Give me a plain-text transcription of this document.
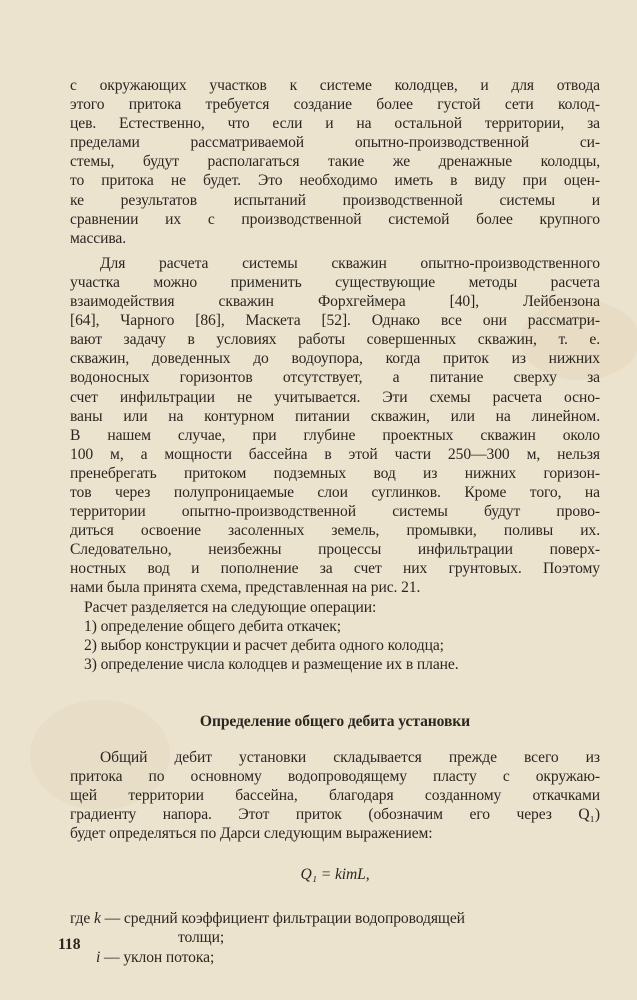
с окружающих участков к системе колодцев, и для отвода
этого притока требуется создание более густой сети колод-
цев. Естественно, что если и на остальной территории, за
пределами рассматриваемой опытно-производственной си-
стемы, будут располагаться такие же дренажные колодцы,
то притока не будет. Это необходимо иметь в виду при оцен-
ке результатов испытаний производственной системы и
сравнении их с производственной системой более крупного
массива.
Для расчета системы скважин опытно-производственного
участка можно применить существующие методы расчета
взаимодействия скважин Форхгеймера [40], Лейбензона
[64], Чарного [86], Маскета [52]. Однако все они рассматри-
вают задачу в условиях работы совершенных скважин, т. е.
скважин, доведенных до водоупора, когда приток из нижних
водоносных горизонтов отсутствует, а питание сверху за
счет инфильтрации не учитывается. Эти схемы расчета осно-
ваны или на контурном питании скважин, или на линейном.
В нашем случае, при глубине проектных скважин около
100 м, а мощности бассейна в этой части 250—300 м, нельзя
пренебрегать притоком подземных вод из нижних горизон-
тов через полупроницаемые слои суглинков. Кроме того, на
территории опытно-производственной системы будут прово-
диться освоение засоленных земель, промывки, поливы их.
Следовательно, неизбежны процессы инфильтрации поверх-
ностных вод и пополнение за счет них грунтовых. Поэтому
нами была принята схема, представленная на рис. 21.
Расчет разделяется на следующие операции:
1) определение общего дебита откачек;
2) выбор конструкции и расчет дебита одного колодца;
3) определение числа колодцев и размещение их в плане.
Определение общего дебита установки
Общий дебит установки складывается прежде всего из
притока по основному водопроводящему пласту с окружаю-
щей территории бассейна, благодаря созданному откачками
градиенту напора. Этот приток (обозначим его через Q₁)
будет определяться по Дарси следующим выражением:
Q₁ = kimL,
где k — средний коэффициент фильтрации водопроводящей
толщи;
i — уклон потока;
118
